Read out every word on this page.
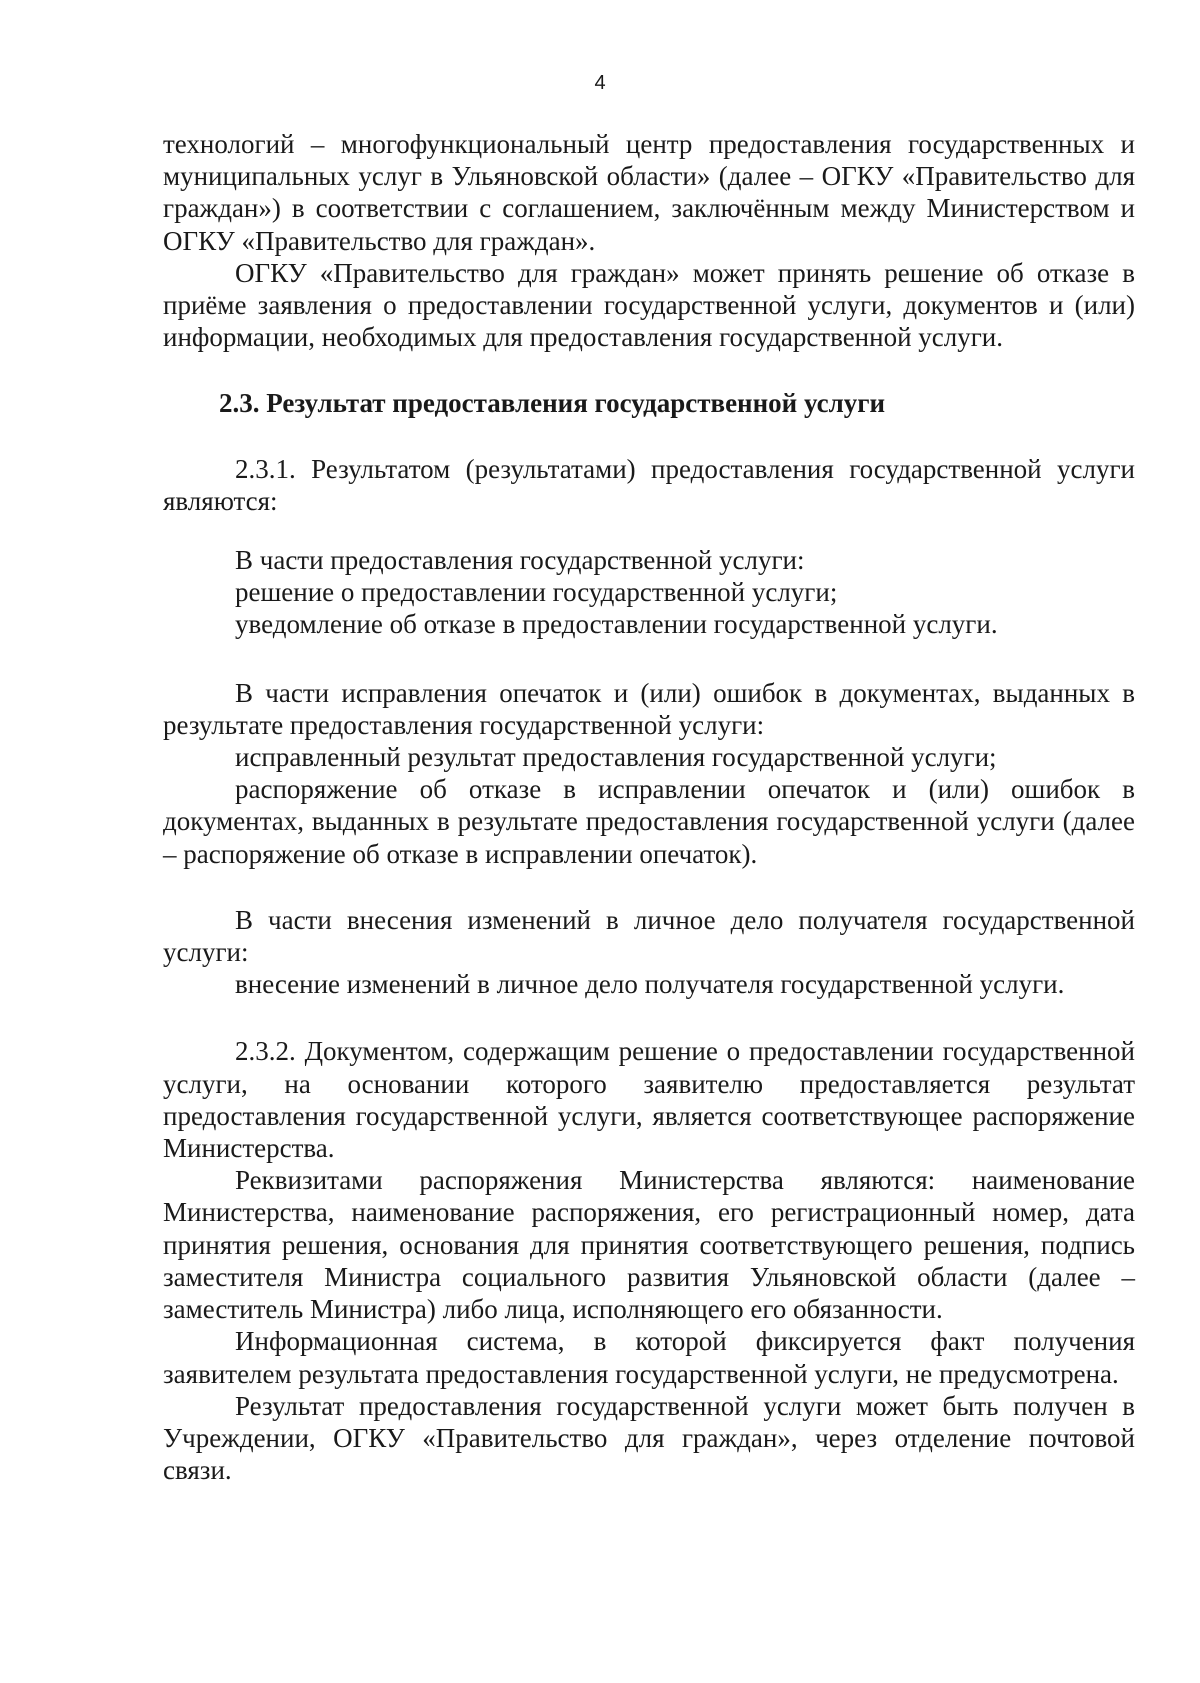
4

технологий – многофункциональный центр предоставления государственных и муниципальных услуг в Ульяновской области» (далее – ОГКУ «Правительство для граждан») в соответствии с соглашением, заключённым между Министерством и ОГКУ «Правительство для граждан».

ОГКУ «Правительство для граждан» может принять решение об отказе в приёме заявления о предоставлении государственной услуги, документов и (или) информации, необходимых для предоставления государственной услуги.

2.3. Результат предоставления государственной услуги

2.3.1. Результатом (результатами) предоставления государственной услуги являются:

В части предоставления государственной услуги:

решение о предоставлении государственной услуги;

уведомление об отказе в предоставлении государственной услуги.

В части исправления опечаток и (или) ошибок в документах, выданных в результате предоставления государственной услуги:

исправленный результат предоставления государственной услуги;

распоряжение об отказе в исправлении опечаток и (или) ошибок в документах, выданных в результате предоставления государственной услуги (далее – распоряжение об отказе в исправлении опечаток).

В части внесения изменений в личное дело получателя государственной услуги:

внесение изменений в личное дело получателя государственной услуги.

2.3.2. Документом, содержащим решение о предоставлении государственной услуги, на основании которого заявителю предоставляется результат предоставления государственной услуги, является соответствующее распоряжение Министерства.

Реквизитами распоряжения Министерства являются: наименование Министерства, наименование распоряжения, его регистрационный номер, дата принятия решения, основания для принятия соответствующего решения, подпись заместителя Министра социального развития Ульяновской области (далее – заместитель Министра) либо лица, исполняющего его обязанности.

Информационная система, в которой фиксируется факт получения заявителем результата предоставления государственной услуги, не предусмотрена.

Результат предоставления государственной услуги может быть получен в Учреждении, ОГКУ «Правительство для граждан», через отделение почтовой связи.
